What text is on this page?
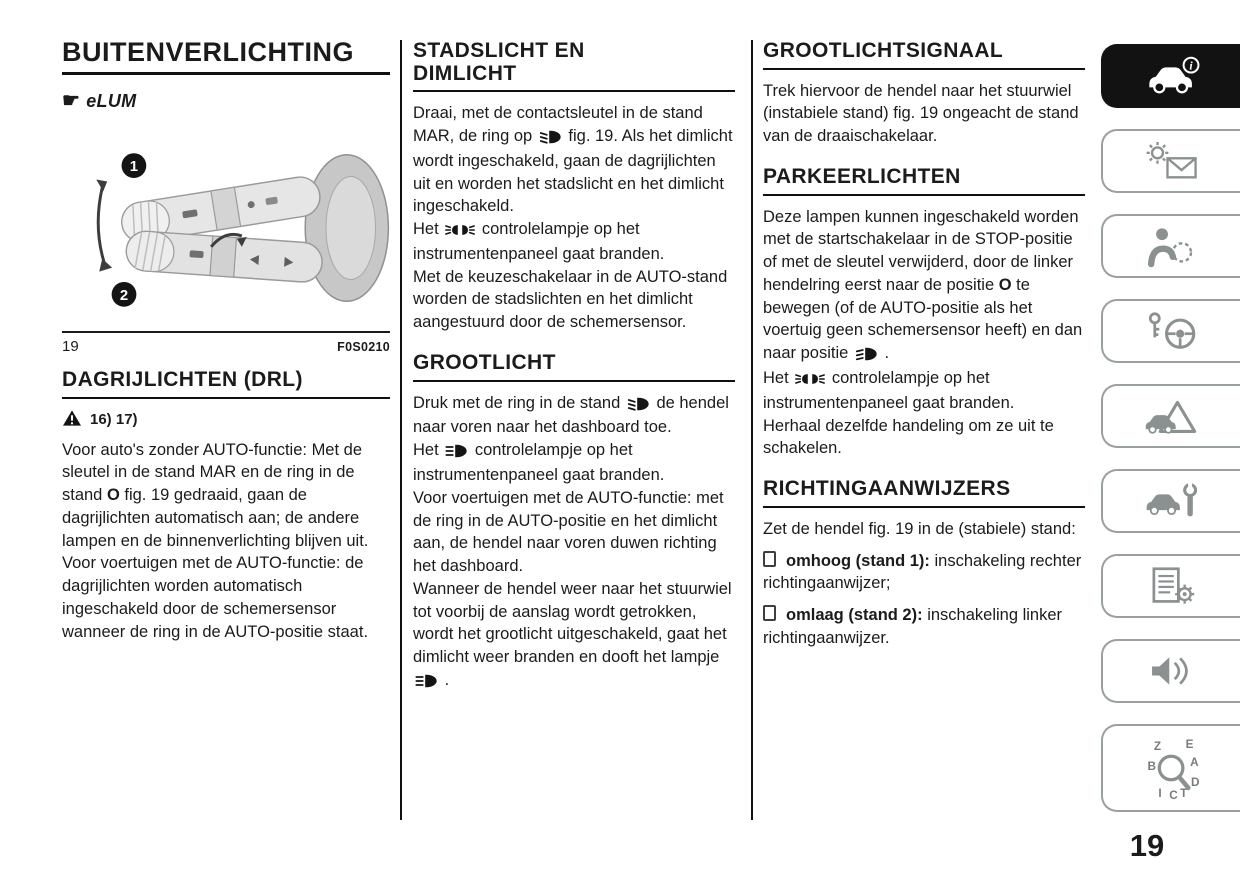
BUITENVERLICHTING
☛ eLUM
1
2
19	F0S0210
DAGRIJLICHTEN (DRL)
16) 17)

Voor auto's zonder AUTO-functie: Met de sleutel in de stand MAR en de ring in de stand O fig. 19 gedraaid, gaan de dagrijlichten automatisch aan; de andere lampen en de binnenverlichting blijven uit.

Voor voertuigen met de AUTO-functie: de dagrijlichten worden automatisch ingeschakeld door de schemersensor wanneer de ring in de AUTO-positie staat.

STADSLICHT EN DIMLICHT

Draai, met de contactsleutel in de stand MAR, de ring op  fig. 19. Als het dimlicht wordt ingeschakeld, gaan de dagrijlichten uit en worden het stadslicht en het dimlicht ingeschakeld.
Het  controlelampje op het instrumentenpaneel gaat branden.
Met de keuzeschakelaar in de AUTO-stand worden de stadslichten en het dimlicht aangestuurd door de schemersensor.

GROOTLICHT

Druk met de ring in de stand  de hendel naar voren naar het dashboard toe.
Het  controlelampje op het instrumentenpaneel gaat branden.
Voor voertuigen met de AUTO-functie: met de ring in de AUTO-positie en het dimlicht aan, de hendel naar voren duwen richting het dashboard.
Wanneer de hendel weer naar het stuurwiel tot voorbij de aanslag wordt getrokken, wordt het grootlicht uitgeschakeld, gaat het dimlicht weer branden en dooft het lampje  .

GROOTLICHTSIGNAAL

Trek hiervoor de hendel naar het stuurwiel (instabiele stand) fig. 19 ongeacht de stand van de draaischakelaar.

PARKEERLICHTEN

Deze lampen kunnen ingeschakeld worden met de startschakelaar in de STOP-positie of met de sleutel verwijderd, door de linker hendelring eerst naar de positie O te bewegen (of de AUTO-positie als het voertuig geen schemersensor heeft) en dan naar positie  .
Het  controlelampje op het instrumentenpaneel gaat branden.
Herhaal dezelfde handeling om ze uit te schakelen.

RICHTINGAANWIJZERS

Zet de hendel fig. 19 in de (stabiele) stand:

omhoog (stand 1): inschakeling rechter richtingaanwijzer;

omlaag (stand 2): inschakeling linker richtingaanwijzer.

i
Z E
B	A
D
I C T
19
